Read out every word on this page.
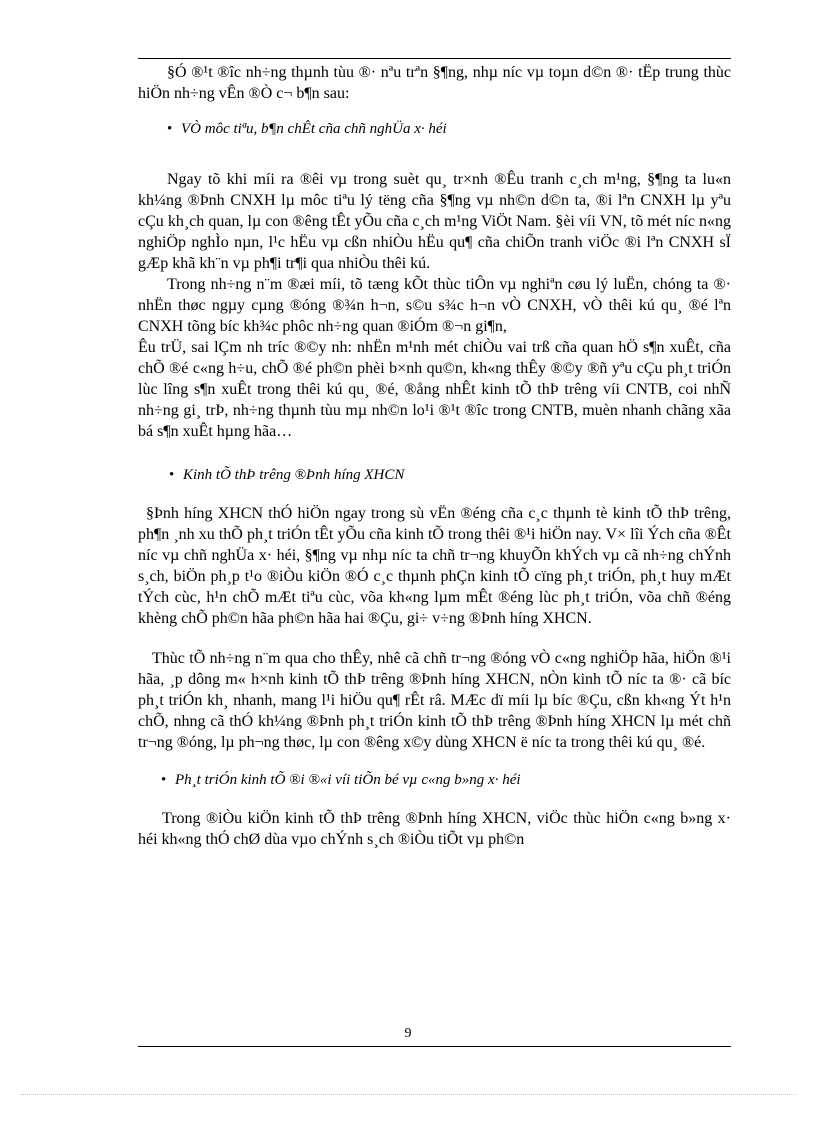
§Ó ®¹t ®îc nh÷ng thµnh tùu ®· nªu trªn §¶ng, nhµ níc vµ toµn d©n ®· tËp trung thùc hiÖn nh÷ng vÊn ®Ò c¬ b¶n sau:

• VÒ môc tiªu, b¶n chÊt cña chñ nghÜa x· héi

Ngay tõ khi míi ra ®êi vµ trong suèt qu¸ tr×nh ®Êu tranh c¸ch m¹ng, §¶ng ta lu«n kh¼ng ®Þnh CNXH lµ môc tiªu lý tëng cña §¶ng vµ nh©n d©n ta, ®i lªn CNXH lµ yªu cÇu kh¸ch quan, lµ con ®êng tÊt yÕu cña c¸ch m¹ng ViÖt Nam. §èi víi VN, tõ mét níc n«ng nghiÖp nghÌo nµn, l¹c hËu vµ cßn nhiÒu hËu qu¶ cña chiÕn tranh viÖc ®i lªn CNXH sÏ gÆp khã kh¨n vµ ph¶i tr¶i qua nhiÒu thêi kú.

Trong nh÷ng n¨m ®æi míi, tõ tæng kÕt thùc tiÔn vµ nghiªn cøu lý luËn, chóng ta ®· nhËn thøc ngµy cµng ®óng ®¾n h¬n, s©u s¾c h¬n vÒ CNXH, vÒ thêi kú qu¸ ®é lªn CNXH tõng bíc kh¾c phôc nh÷ng quan ®iÓm ®¬n gi¶n,

Êu trÜ, sai lÇm nh tríc ®©y nh: nhËn m¹nh mét chiÒu vai trß cña quan hÖ s¶n xuÊt, cña chÕ ®é c«ng h÷u, chÕ ®é ph©n phèi b×nh qu©n, kh«ng thÊy ®©y ®ñ yªu cÇu ph¸t triÓn lùc lîng s¶n xuÊt trong thêi kú qu¸ ®é, ®ång nhÊt kinh tÕ thÞ trêng víi CNTB, coi nhÑ nh÷ng gi¸ trÞ, nh÷ng thµnh tùu mµ nh©n lo¹i ®¹t ®îc trong CNTB, muèn nhanh chãng xãa bá s¶n xuÊt hµng hãa…

• Kinh tÕ thÞ trêng ®Þnh híng XHCN

§Þnh híng XHCN thÓ hiÖn ngay trong sù vËn ®éng cña c¸c thµnh tè kinh tÕ thÞ trêng, ph¶n ¸nh xu thÕ ph¸t triÓn tÊt yÕu cña kinh tÕ trong thêi ®¹i hiÖn nay. V× lîi Ých cña ®Êt níc vµ chñ nghÜa x· héi, §¶ng vµ nhµ níc ta chñ tr¬ng khuyÕn khÝch vµ cã nh÷ng chÝnh s¸ch, biÖn ph¸p t¹o ®iÒu kiÖn ®Ó c¸c thµnh phÇn kinh tÕ cïng ph¸t triÓn, ph¸t huy mÆt tÝch cùc, h¹n chÕ mÆt tiªu cùc, võa kh«ng lµm mÊt ®éng lùc ph¸t triÓn, võa chñ ®éng khèng chÕ ph©n hãa ph©n hãa hai ®Çu, gi÷ v÷ng ®Þnh híng XHCN.

Thùc tÕ nh÷ng n¨m qua cho thÊy, nhê cã chñ tr¬ng ®óng vÒ c«ng nghiÖp hãa, hiÖn ®¹i hãa, ¸p dông m« h×nh kinh tÕ thÞ trêng ®Þnh híng XHCN, nÒn kinh tÕ níc ta ®· cã bíc ph¸t triÓn kh¸ nhanh, mang l¹i hiÖu qu¶ rÊt râ. MÆc dï míi lµ bíc ®Çu, cßn kh«ng Ýt h¹n chÕ, nhng cã thÓ kh¼ng ®Þnh ph¸t triÓn kinh tÕ thÞ trêng ®Þnh híng XHCN lµ mét chñ tr¬ng ®óng, lµ ph¬ng thøc, lµ con ®êng x©y dùng XHCN ë níc ta trong thêi kú qu¸ ®é.

• Ph¸t triÓn kinh tÕ ®i ®«i víi tiÕn bé vµ c«ng b»ng x· héi

Trong ®iÒu kiÖn kinh tÕ thÞ trêng ®Þnh híng XHCN, viÖc thùc hiÖn c«ng b»ng x· héi kh«ng thÓ chØ dùa vµo chÝnh s¸ch ®iÒu tiÕt vµ ph©n

9
